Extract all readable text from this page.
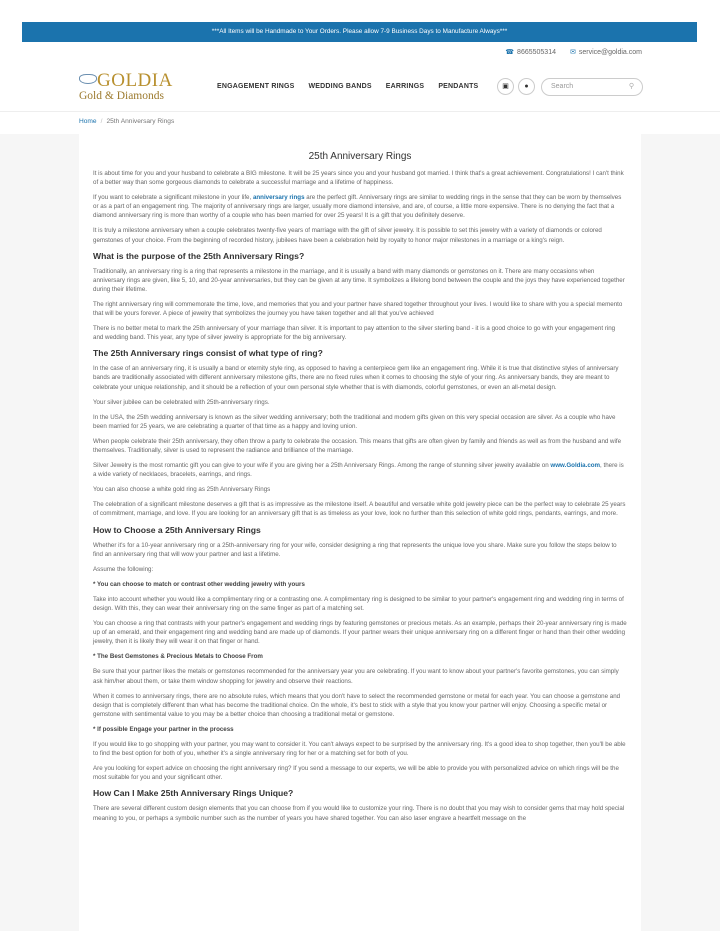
***All Items will be Handmade to Your Orders. Please allow 7-9 Business Days to Manufacture Always***
☎ 8665505314 ✉ service@goldia.com
GOLDIA
Gold & Diamonds
ENGAGEMENT RINGS WEDDING BANDS EARRINGS PENDANTS	▣	●	Search	⚲
Home / 25th Anniversary Rings
25th Anniversary Rings

It is about time for you and your husband to celebrate a BIG milestone. It will be 25 years since you and your husband got married. I think that's a great achievement. Congratulations! I can't think of a better way than some gorgeous diamonds to celebrate a successful marriage and a lifetime of happiness.

If you want to celebrate a significant milestone in your life, anniversary rings are the perfect gift. Anniversary rings are similar to wedding rings in the sense that they can be worn by themselves or as a part of an engagement ring. The majority of anniversary rings are larger, usually more diamond intensive, and are, of course, a little more expensive. There is no denying the fact that a diamond anniversary ring is more than worthy of a couple who has been married for over 25 years! It is a gift that you definitely deserve.

It is truly a milestone anniversary when a couple celebrates twenty-five years of marriage with the gift of silver jewelry. It is possible to set this jewelry with a variety of diamonds or colored gemstones of your choice. From the beginning of recorded history, jubilees have been a celebration held by royalty to honor major milestones in a marriage or a king's reign.

What is the purpose of the 25th Anniversary Rings?

Traditionally, an anniversary ring is a ring that represents a milestone in the marriage, and it is usually a band with many diamonds or gemstones on it. There are many occasions when anniversary rings are given, like 5, 10, and 20-year anniversaries, but they can be given at any time. It symbolizes a lifelong bond between the couple and the joys they have experienced together during their lifetime.

The right anniversary ring will commemorate the time, love, and memories that you and your partner have shared together throughout your lives. I would like to share with you a special memento that will be yours forever. A piece of jewelry that symbolizes the journey you have taken together and all that you've achieved

There is no better metal to mark the 25th anniversary of your marriage than silver. It is important to pay attention to the silver sterling band - it is a good choice to go with your engagement ring and wedding band. This year, any type of silver jewelry is appropriate for the big anniversary.

The 25th Anniversary rings consist of what type of ring?

In the case of an anniversary ring, it is usually a band or eternity style ring, as opposed to having a centerpiece gem like an engagement ring. While it is true that distinctive styles of anniversary bands are traditionally associated with different anniversary milestone gifts, there are no fixed rules when it comes to choosing the style of your ring. As anniversary bands, they are meant to celebrate your unique relationship, and it should be a reflection of your own personal style whether that is with diamonds, colorful gemstones, or even an all-metal design.

Your silver jubilee can be celebrated with 25th-anniversary rings.

In the USA, the 25th wedding anniversary is known as the silver wedding anniversary; both the traditional and modern gifts given on this very special occasion are silver. As a couple who have been married for 25 years, we are celebrating a quarter of that time as a happy and loving union.

When people celebrate their 25th anniversary, they often throw a party to celebrate the occasion. This means that gifts are often given by family and friends as well as from the husband and wife themselves. Traditionally, silver is used to represent the radiance and brilliance of the marriage.

Silver Jewelry is the most romantic gift you can give to your wife if you are giving her a 25th Anniversary Rings. Among the range of stunning silver jewelry available on www.Goldia.com, there is a wide variety of necklaces, bracelets, earrings, and rings.

You can also choose a white gold ring as 25th Anniversary Rings

The celebration of a significant milestone deserves a gift that is as impressive as the milestone itself. A beautiful and versatile white gold jewelry piece can be the perfect way to celebrate 25 years of commitment, marriage, and love. If you are looking for an anniversary gift that is as timeless as your love, look no further than this selection of white gold rings, pendants, earrings, and more.

How to Choose a 25th Anniversary Rings

Whether it's for a 10-year anniversary ring or a 25th-anniversary ring for your wife, consider designing a ring that represents the unique love you share. Make sure you follow the steps below to find an anniversary ring that will wow your partner and last a lifetime.

Assume the following:

* You can choose to match or contrast other wedding jewelry with yours

Take into account whether you would like a complimentary ring or a contrasting one. A complimentary ring is designed to be similar to your partner's engagement ring and wedding ring in terms of design. With this, they can wear their anniversary ring on the same finger as part of a matching set.

You can choose a ring that contrasts with your partner's engagement and wedding rings by featuring gemstones or precious metals. As an example, perhaps their 20-year anniversary ring is made up of an emerald, and their engagement ring and wedding band are made up of diamonds. If your partner wears their unique anniversary ring on a different finger or hand than their other wedding jewelry, then it is likely they will wear it on that finger or hand.

* The Best Gemstones & Precious Metals to Choose From

Be sure that your partner likes the metals or gemstones recommended for the anniversary year you are celebrating. If you want to know about your partner's favorite gemstones, you can simply ask him/her about them, or take them window shopping for jewelry and observe their reactions.

When it comes to anniversary rings, there are no absolute rules, which means that you don't have to select the recommended gemstone or metal for each year. You can choose a gemstone and design that is completely different than what has become the traditional choice. On the whole, it's best to stick with a style that you know your partner will enjoy. Choosing a specific metal or gemstone with sentimental value to you may be a better choice than choosing a traditional metal or gemstone.

* If possible Engage your partner in the process

If you would like to go shopping with your partner, you may want to consider it. You can't always expect to be surprised by the anniversary ring. It's a good idea to shop together, then you'll be able to find the best option for both of you, whether it's a single anniversary ring for her or a matching set for both of you.

Are you looking for expert advice on choosing the right anniversary ring? If you send a message to our experts, we will be able to provide you with personalized advice on which rings will be the most suitable for you and your significant other.

How Can I Make 25th Anniversary Rings Unique?

There are several different custom design elements that you can choose from if you would like to customize your ring. There is no doubt that you may wish to consider gems that may hold special meaning to you, or perhaps a symbolic number such as the number of years you have shared together. You can also laser engrave a heartfelt message on the
